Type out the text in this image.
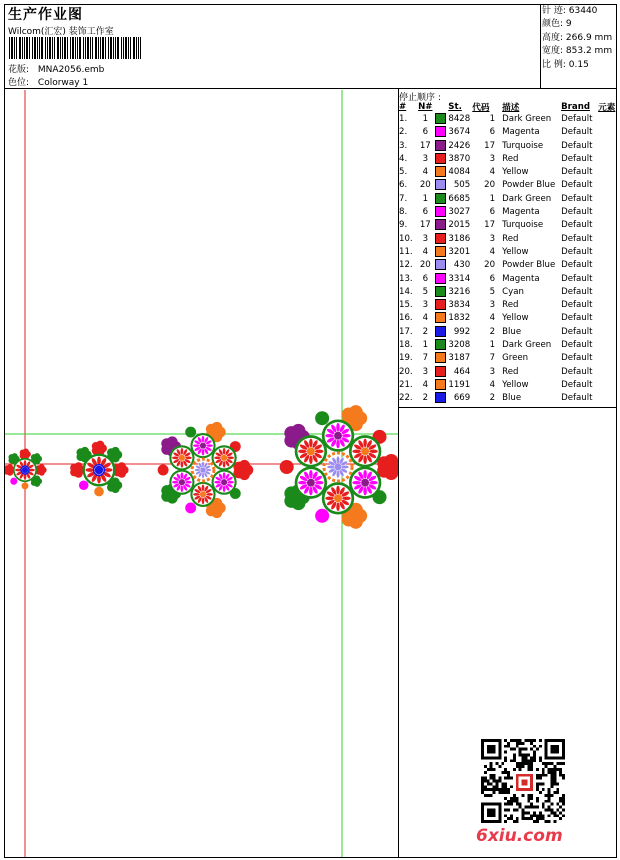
生产作业图
Wilcom(汇宏) 装饰工作室
花版: MNA2056.emb
色位: Colorway 1
针 迹: 63440
颜色: 9
高度: 266.9 mm
宽度: 853.2 mm
比 例: 0.15
停止顺序 :
#	N#		St.	代码	描述	Brand	元素
1.	1		8428	1	Dark Green	Default	
2.	6		3674	6	Magenta	Default	
3.	17		2426	17	Turquoise	Default	
4.	3		3870	3	Red	Default	
5.	4		4084	4	Yellow	Default	
6.	20		505	20	Powder Blue	Default	
7.	1		6685	1	Dark Green	Default	
8.	6		3027	6	Magenta	Default	
9.	17		2015	17	Turquoise	Default	
10.	3		3186	3	Red	Default	
11.	4		3201	4	Yellow	Default	
12.	20		430	20	Powder Blue	Default	
13.	6		3314	6	Magenta	Default	
14.	5		3216	5	Cyan	Default	
15.	3		3834	3	Red	Default	
16.	4		1832	4	Yellow	Default	
17.	2		992	2	Blue	Default	
18.	1		3208	1	Dark Green	Default	
19.	7		3187	7	Green	Default	
20.	3		464	3	Red	Default	
21.	4		1191	4	Yellow	Default	
22.	2		669	2	Blue	Default	
6xiu.com
